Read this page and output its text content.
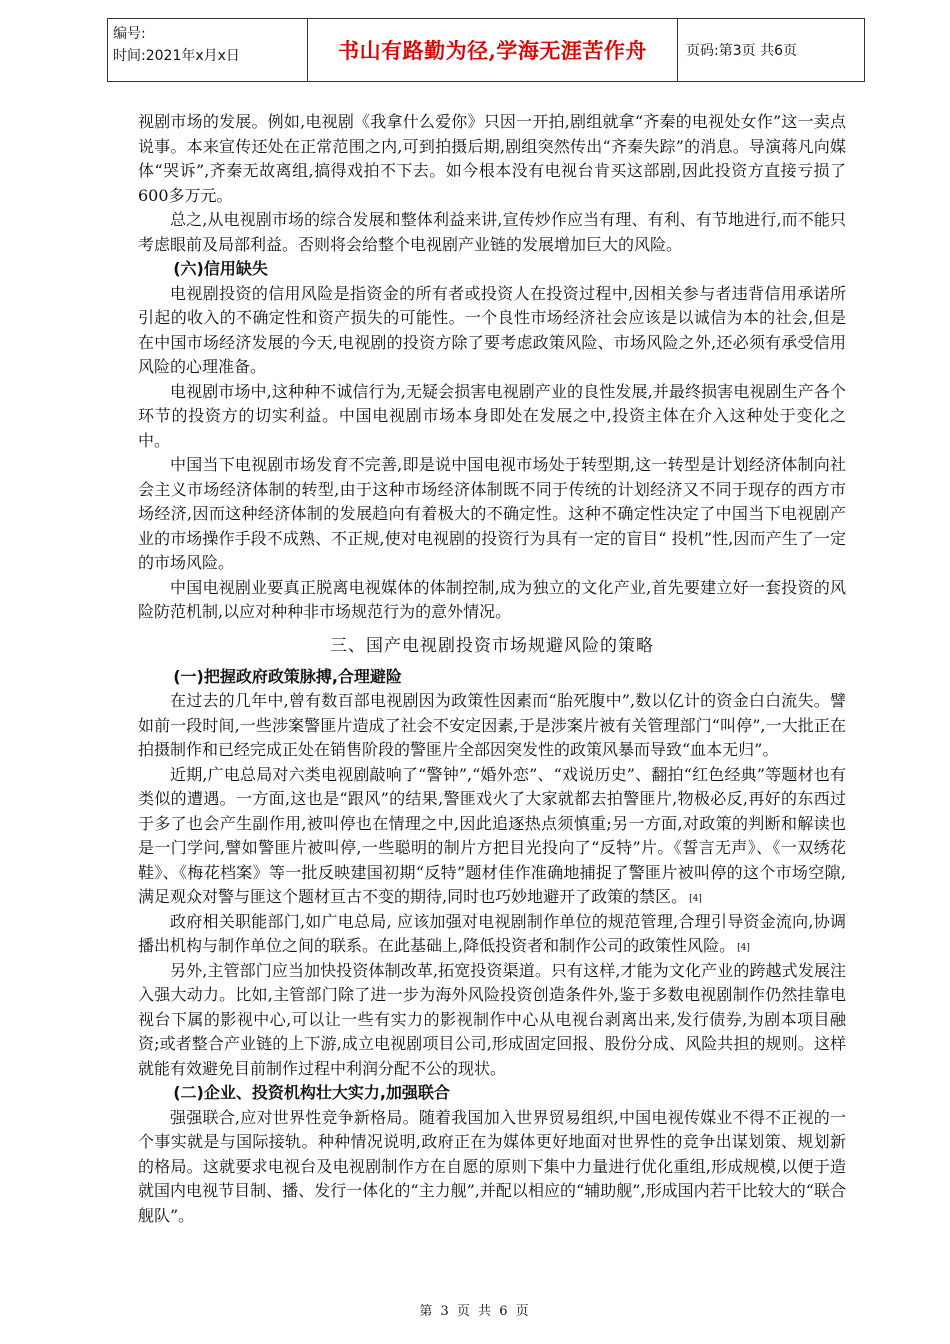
编号:
时间:2021年x月x日	书山有路勤为径,学海无涯苦作舟	页码:第3页 共6页

视剧市场的发展。例如,电视剧《我拿什么爱你》只因一开拍,剧组就拿“齐秦的电视处女作”这一卖点说事。本来宣传还处在正常范围之内,可到拍摄后期,剧组突然传出“齐秦失踪”的消息。导演蒋凡向媒体“哭诉”,齐秦无故离组,搞得戏拍不下去。如今根本没有电视台肯买这部剧,因此投资方直接亏损了600多万元。

总之,从电视剧市场的综合发展和整体利益来讲,宣传炒作应当有理、有利、有节地进行,而不能只考虑眼前及局部利益。否则将会给整个电视剧产业链的发展增加巨大的风险。

(六)信用缺失

电视剧投资的信用风险是指资金的所有者或投资人在投资过程中,因相关参与者违背信用承诺所引起的收入的不确定性和资产损失的可能性。一个良性市场经济社会应该是以诚信为本的社会,但是在中国市场经济发展的今天,电视剧的投资方除了要考虑政策风险、市场风险之外,还必须有承受信用风险的心理准备。

电视剧市场中,这种种不诚信行为,无疑会损害电视剧产业的良性发展,并最终损害电视剧生产各个环节的投资方的切实利益。中国电视剧市场本身即处在发展之中,投资主体在介入这种处于变化之中。

中国当下电视剧市场发育不完善,即是说中国电视市场处于转型期,这一转型是计划经济体制向社会主义市场经济体制的转型,由于这种市场经济体制既不同于传统的计划经济又不同于现存的西方市场经济,因而这种经济体制的发展趋向有着极大的不确定性。这种不确定性决定了中国当下电视剧产业的市场操作手段不成熟、不正规,使对电视剧的投资行为具有一定的盲目“ 投机”性,因而产生了一定的市场风险。

中国电视剧业要真正脱离电视媒体的体制控制,成为独立的文化产业,首先要建立好一套投资的风险防范机制,以应对种种非市场规范行为的意外情况。

三、国产电视剧投资市场规避风险的策略

(一)把握政府政策脉搏,合理避险

在过去的几年中,曾有数百部电视剧因为政策性因素而“胎死腹中”,数以亿计的资金白白流失。譬如前一段时间,一些涉案警匪片造成了社会不安定因素,于是涉案片被有关管理部门“叫停”,一大批正在拍摄制作和已经完成正处在销售阶段的警匪片全部因突发性的政策风暴而导致“血本无归”。

近期,广电总局对六类电视剧敲响了“警钟”,“婚外恋”、“戏说历史”、翻拍“红色经典”等题材也有类似的遭遇。一方面,这也是“跟风”的结果,警匪戏火了大家就都去拍警匪片,物极必反,再好的东西过于多了也会产生副作用,被叫停也在情理之中,因此追逐热点须慎重;另一方面,对政策的判断和解读也是一门学问,譬如警匪片被叫停,一些聪明的制片方把目光投向了“反特”片。《誓言无声》、《一双绣花鞋》、《梅花档案》等一批反映建国初期“反特”题材佳作准确地捕捉了警匪片被叫停的这个市场空隙,满足观众对警与匪这个题材亘古不变的期待,同时也巧妙地避开了政策的禁区。 [4]

政府相关职能部门,如广电总局, 应该加强对电视剧制作单位的规范管理,合理引导资金流向,协调播出机构与制作单位之间的联系。在此基础上,降低投资者和制作公司的政策性风险。 [4]

另外,主管部门应当加快投资体制改革,拓宽投资渠道。只有这样,才能为文化产业的跨越式发展注入强大动力。比如,主管部门除了进一步为海外风险投资创造条件外,鉴于多数电视剧制作仍然挂靠电视台下属的影视中心,可以让一些有实力的影视制作中心从电视台剥离出来,发行债券,为剧本项目融资;或者整合产业链的上下游,成立电视剧项目公司,形成固定回报、股份分成、风险共担的规则。这样就能有效避免目前制作过程中利润分配不公的现状。

(二)企业、投资机构壮大实力,加强联合

强强联合,应对世界性竞争新格局。随着我国加入世界贸易组织,中国电视传媒业不得不正视的一个事实就是与国际接轨。种种情况说明,政府正在为媒体更好地面对世界性的竞争出谋划策、规划新的格局。这就要求电视台及电视剧制作方在自愿的原则下集中力量进行优化重组,形成规模,以便于造就国内电视节目制、播、发行一体化的“主力舰”,并配以相应的“辅助舰”,形成国内若干比较大的“联合舰队”。

第 3 页 共 6 页
